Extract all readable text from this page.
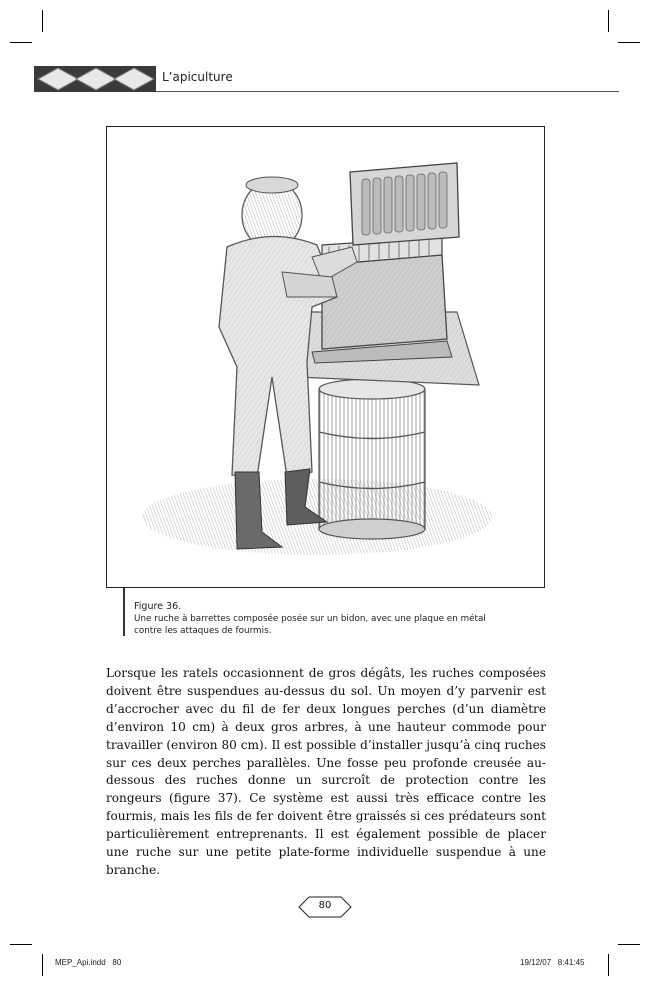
L’apiculture
Figure 36.
Une ruche à barrettes composée posée sur un bidon, avec une plaque en métal
contre les attaques de fourmis.
Lorsque les ratels occasionnent de gros dégâts, les ruches composées doivent être suspendues au-dessus du sol. Un moyen d’y parvenir est d’accrocher avec du fil de fer deux longues perches (d’un diamètre d’environ 10 cm) à deux gros arbres, à une hauteur commode pour travailler (environ 80 cm). Il est possible d’installer jusqu’à cinq ruches sur ces deux perches parallèles. Une fosse peu profonde creusée au-dessous des ruches donne un surcroît de protection contre les rongeurs (figure 37). Ce système est aussi très efficace contre les fourmis, mais les fils de fer doivent être graissés si ces prédateurs sont particulièrement entreprenants. Il est également possible de placer une ruche sur une petite plate-forme individuelle suspendue à une branche.
80
MEP_Api.indd   80	19/12/07   8:41:45
